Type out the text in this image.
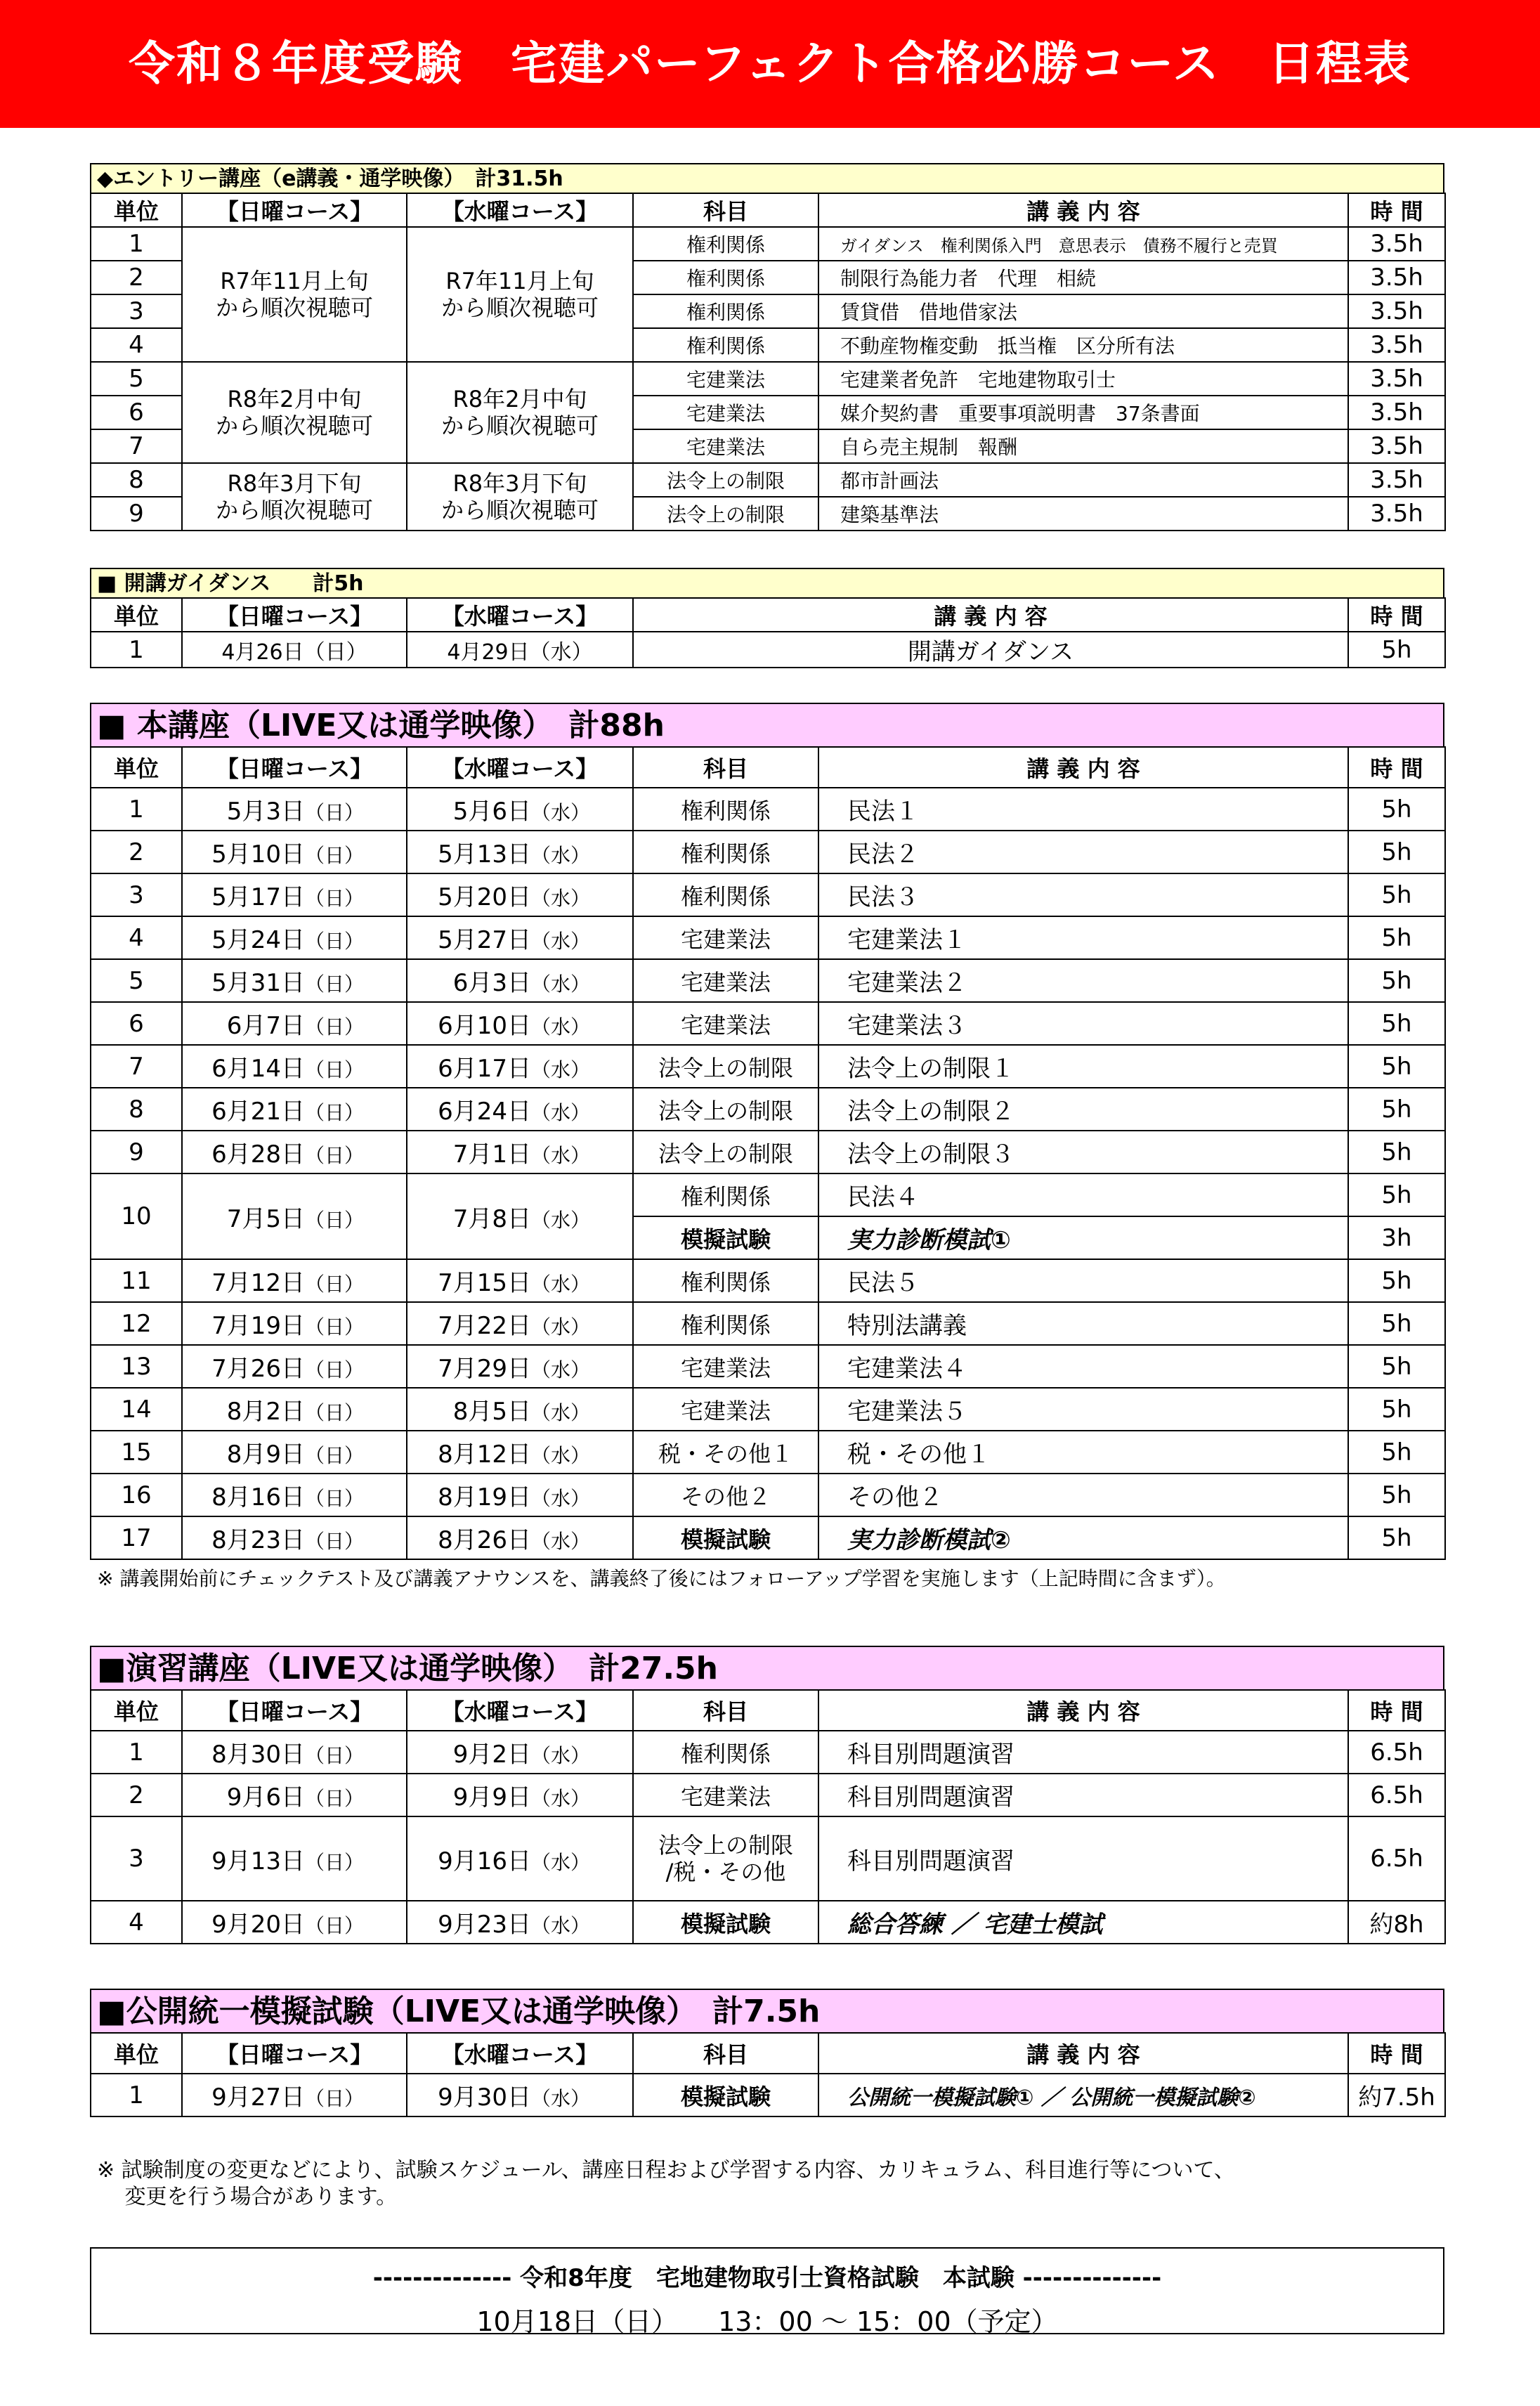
令和８年度受験　宅建パーフェクト合格必勝コース　日程表
◆エントリー講座（e講義・通学映像）　計31.5h
単位	【日曜コース】	【水曜コース】	科目	講 義 内 容	時 間
1	R7年11月上旬
から順次視聴可	R7年11月上旬
から順次視聴可	権利関係	ガイダンス　権利関係入門　意思表示　債務不履行と売買	3.5h
2			権利関係	制限行為能力者　代理　相続	3.5h
3			権利関係	賃貸借　借地借家法	3.5h
4			権利関係	不動産物権変動　抵当権　区分所有法	3.5h
5	R8年2月中旬
から順次視聴可	R8年2月中旬
から順次視聴可	宅建業法	宅建業者免許　宅地建物取引士	3.5h
6			宅建業法	媒介契約書　重要事項説明書　37条書面	3.5h
7			宅建業法	自ら売主規制　報酬	3.5h
8	R8年3月下旬
から順次視聴可	R8年3月下旬
から順次視聴可	法令上の制限	都市計画法	3.5h
9			法令上の制限	建築基準法	3.5h
■ 開講ガイダンス　　計5h
単位	【日曜コース】	【水曜コース】	講 義 内 容	時 間
1	4月26日（日）	4月29日（水）	開講ガイダンス	5h
■ 本講座（LIVE又は通学映像）　計88h
単位	【日曜コース】	【水曜コース】	科目	講 義 内 容	時 間
1	5月3日（日）	5月6日（水）	権利関係	民法１	5h
2	5月10日（日）	5月13日（水）	権利関係	民法２	5h
3	5月17日（日）	5月20日（水）	権利関係	民法３	5h
4	5月24日（日）	5月27日（水）	宅建業法	宅建業法１	5h
5	5月31日（日）	6月3日（水）	宅建業法	宅建業法２	5h
6	6月7日（日）	6月10日（水）	宅建業法	宅建業法３	5h
7	6月14日（日）	6月17日（水）	法令上の制限	法令上の制限１	5h
8	6月21日（日）	6月24日（水）	法令上の制限	法令上の制限２	5h
9	6月28日（日）	7月1日（水）	法令上の制限	法令上の制限３	5h
10	7月5日（日）	7月8日（水）	権利関係	民法４	5h
			模擬試験	実力診断模試①	3h
11	7月12日（日）	7月15日（水）	権利関係	民法５	5h
12	7月19日（日）	7月22日（水）	権利関係	特別法講義	5h
13	7月26日（日）	7月29日（水）	宅建業法	宅建業法４	5h
14	8月2日（日）	8月5日（水）	宅建業法	宅建業法５	5h
15	8月9日（日）	8月12日（水）	税・その他１	税・その他１	5h
16	8月16日（日）	8月19日（水）	その他２	その他２	5h
17	8月23日（日）	8月26日（水）	模擬試験	実力診断模試②	5h
※ 講義開始前にチェックテスト及び講義アナウンスを、講義終了後にはフォローアップ学習を実施します（上記時間に含まず）。
■演習講座（LIVE又は通学映像）　計27.5h
単位	【日曜コース】	【水曜コース】	科目	講 義 内 容	時 間
1	8月30日（日）	9月2日（水）	権利関係	科目別問題演習	6.5h
2	9月6日（日）	9月9日（水）	宅建業法	科目別問題演習	6.5h
3	9月13日（日）	9月16日（水）	法令上の制限
/税・その他	科目別問題演習	6.5h
4	9月20日（日）	9月23日（水）	模擬試験	総合答練 ／ 宅建士模試	約8h
■公開統一模擬試験（LIVE又は通学映像）　計7.5h
単位	【日曜コース】	【水曜コース】	科目	講 義 内 容	時 間
1	9月27日（日）	9月30日（水）	模擬試験	公開統一模擬試験① ／ 公開統一模擬試験②	約7.5h
※ 試験制度の変更などにより、試験スケジュール、講座日程および学習する内容、カリキュラム、科目進行等について、
　 変更を行う場合があります。
-------------- 令和8年度　宅地建物取引士資格試験　本試験 --------------
10月18日（日）　　13：00 ～ 15：00（予定）
